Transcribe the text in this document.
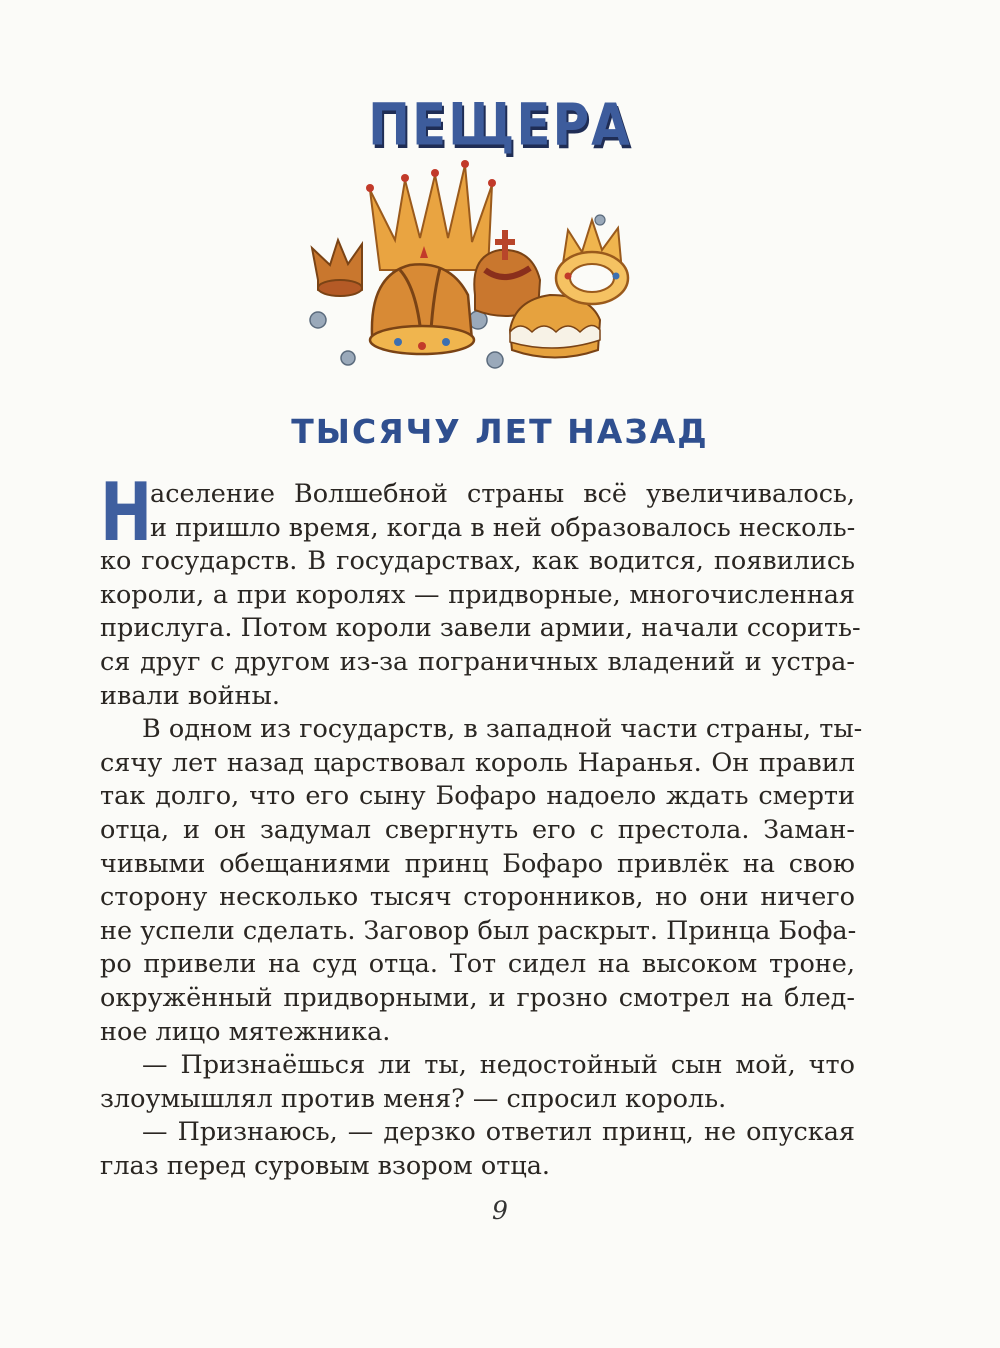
ПЕЩЕРА
ТЫСЯЧУ ЛЕТ НАЗАД
Н
аселение Волшебной страны всё увеличивалось,
и пришло время, когда в ней образовалось несколь-
ко государств. В государствах, как водится, появились
короли, а при королях — придворные, многочисленная
прислуга. Потом короли завели армии, начали ссорить-
ся друг с другом из-за пограничных владений и устра-
ивали войны.
В одном из государств, в западной части страны, ты-
сячу лет назад царствовал король Наранья. Он правил
так долго, что его сыну Бофаро надоело ждать смерти
отца, и он задумал свергнуть его с престола. Заман-
чивыми обещаниями принц Бофаро привлёк на свою
сторону несколько тысяч сторонников, но они ничего
не успели сделать. Заговор был раскрыт. Принца Бофа-
ро привели на суд отца. Тот сидел на высоком троне,
окружённый придворными, и грозно смотрел на блед-
ное лицо мятежника.
— Признаёшься ли ты, недостойный сын мой, что
злоумышлял против меня? — спросил король.
— Признаюсь, — дерзко ответил принц, не опуская
глаз перед суровым взором отца.
9
